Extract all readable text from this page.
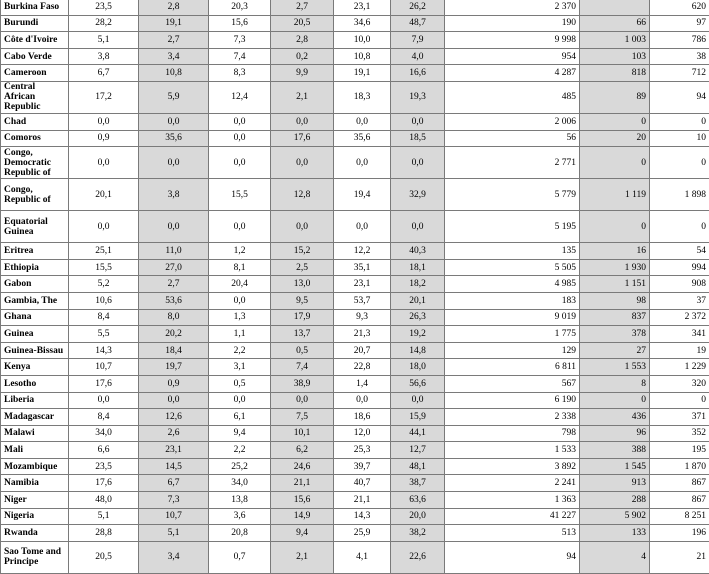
Burkina Faso	23,5	2,8	20,3	2,7	23,1	26,2	2 370		620
Burundi	28,2	19,1	15,6	20,5	34,6	48,7	190	66	97
Côte d'Ivoire	5,1	2,7	7,3	2,8	10,0	7,9	9 998	1 003	786
Cabo Verde	3,8	3,4	7,4	0,2	10,8	4,0	954	103	38
Cameroon	6,7	10,8	8,3	9,9	19,1	16,6	4 287	818	712
Central African Republic	17,2	5,9	12,4	2,1	18,3	19,3	485	89	94
Chad	0,0	0,0	0,0	0,0	0,0	0,0	2 006	0	0
Comoros	0,9	35,6	0,0	17,6	35,6	18,5	56	20	10
Congo, Democratic Republic of	0,0	0,0	0,0	0,0	0,0	0,0	2 771	0	0
Congo, Republic of	20,1	3,8	15,5	12,8	19,4	32,9	5 779	1 119	1 898
Equatorial Guinea	0,0	0,0	0,0	0,0	0,0	0,0	5 195	0	0
Eritrea	25,1	11,0	1,2	15,2	12,2	40,3	135	16	54
Ethiopia	15,5	27,0	8,1	2,5	35,1	18,1	5 505	1 930	994
Gabon	5,2	2,7	20,4	13,0	23,1	18,2	4 985	1 151	908
Gambia, The	10,6	53,6	0,0	9,5	53,7	20,1	183	98	37
Ghana	8,4	8,0	1,3	17,9	9,3	26,3	9 019	837	2 372
Guinea	5,5	20,2	1,1	13,7	21,3	19,2	1 775	378	341
Guinea-Bissau	14,3	18,4	2,2	0,5	20,7	14,8	129	27	19
Kenya	10,7	19,7	3,1	7,4	22,8	18,0	6 811	1 553	1 229
Lesotho	17,6	0,9	0,5	38,9	1,4	56,6	567	8	320
Liberia	0,0	0,0	0,0	0,0	0,0	0,0	6 190	0	0
Madagascar	8,4	12,6	6,1	7,5	18,6	15,9	2 338	436	371
Malawi	34,0	2,6	9,4	10,1	12,0	44,1	798	96	352
Mali	6,6	23,1	2,2	6,2	25,3	12,7	1 533	388	195
Mozambique	23,5	14,5	25,2	24,6	39,7	48,1	3 892	1 545	1 870
Namibia	17,6	6,7	34,0	21,1	40,7	38,7	2 241	913	867
Niger	48,0	7,3	13,8	15,6	21,1	63,6	1 363	288	867
Nigeria	5,1	10,7	3,6	14,9	14,3	20,0	41 227	5 902	8 251
Rwanda	28,8	5,1	20,8	9,4	25,9	38,2	513	133	196
Sao Tome and Principe	20,5	3,4	0,7	2,1	4,1	22,6	94	4	21
